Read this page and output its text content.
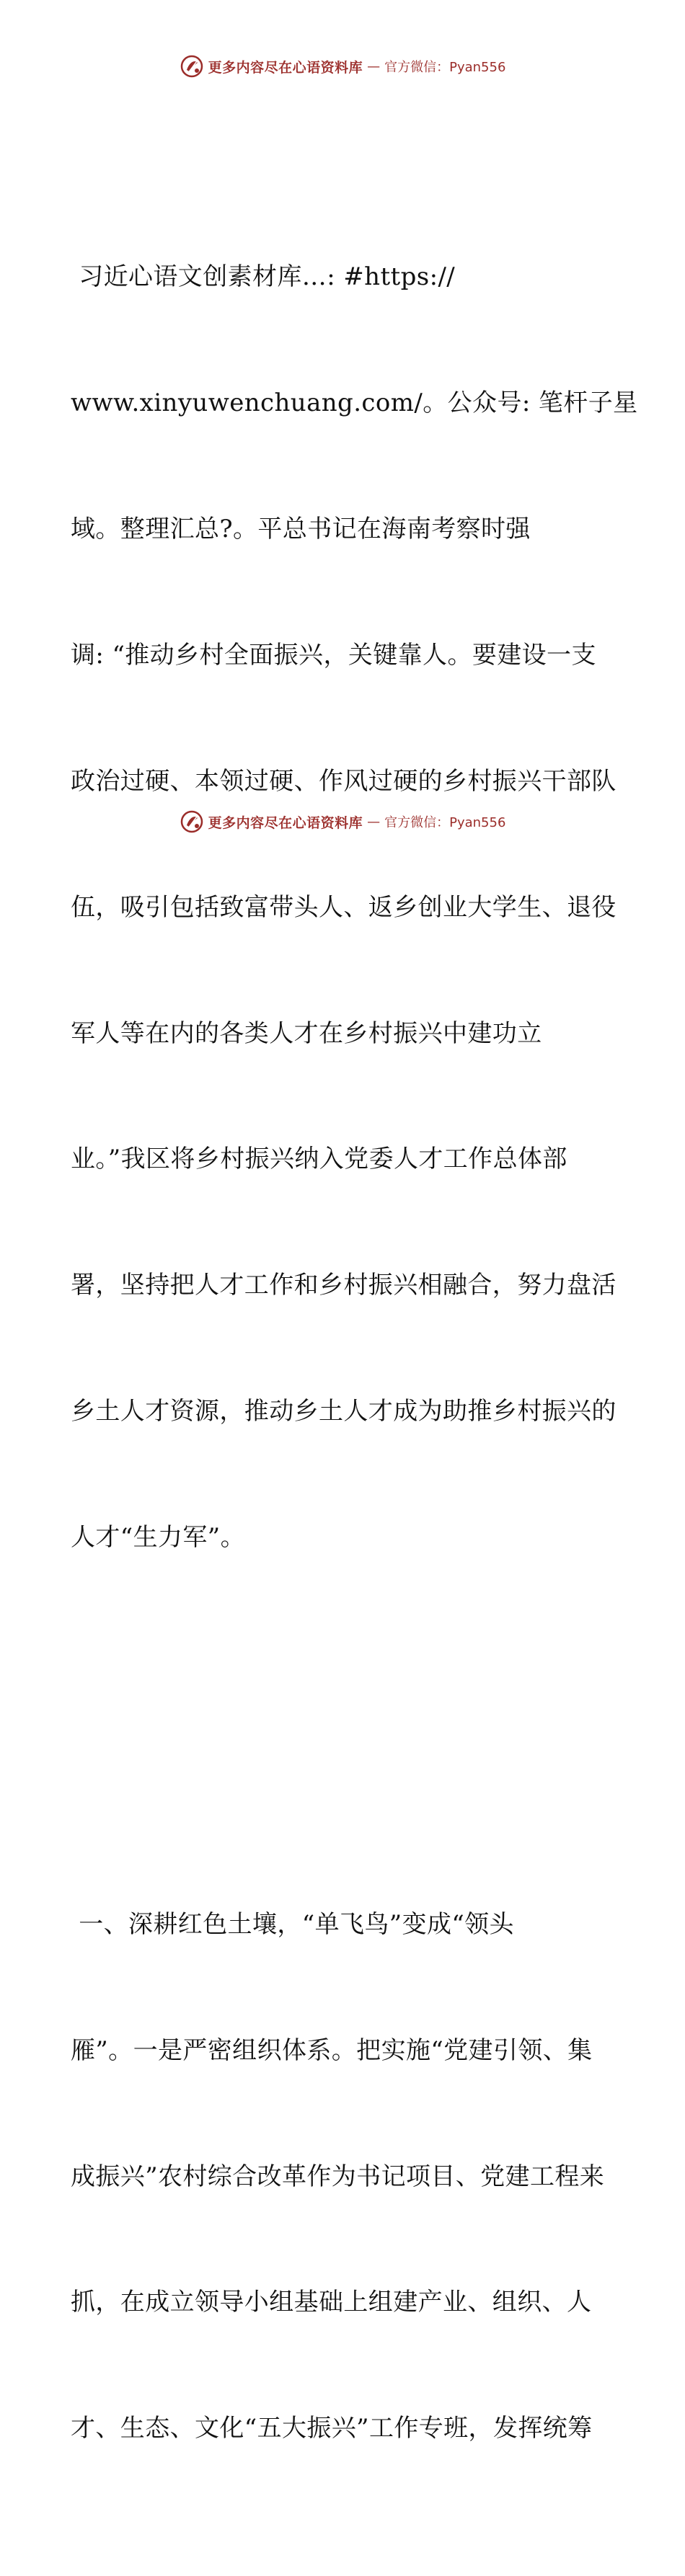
更多内容尽在心语资料库 — 官方微信：Pyan556

习近心语文创素材库…: #https://

www.xinyuwenchuang.com/。公众号: 笔杆子星

域。整理汇总?。平总书记在海南考察时强

调: “推动乡村全面振兴，关键靠人。要建设一支

政治过硬、本领过硬、作风过硬的乡村振兴干部队

伍，吸引包括致富带头人、返乡创业大学生、退役

军人等在内的各类人才在乡村振兴中建功立

业。”我区将乡村振兴纳入党委人才工作总体部

署，坚持把人才工作和乡村振兴相融合，努力盘活

乡土人才资源，推动乡土人才成为助推乡村振兴的

人才“生力军”。

一、深耕红色土壤，“单飞鸟”变成“领头

雁”。一是严密组织体系。把实施“党建引领、集

成振兴”农村综合改革作为书记项目、党建工程来

抓，在成立领导小组基础上组建产业、组织、人

才、生态、文化“五大振兴”工作专班，发挥统筹

更多内容尽在心语资料库 — 官方微信：Pyan556
